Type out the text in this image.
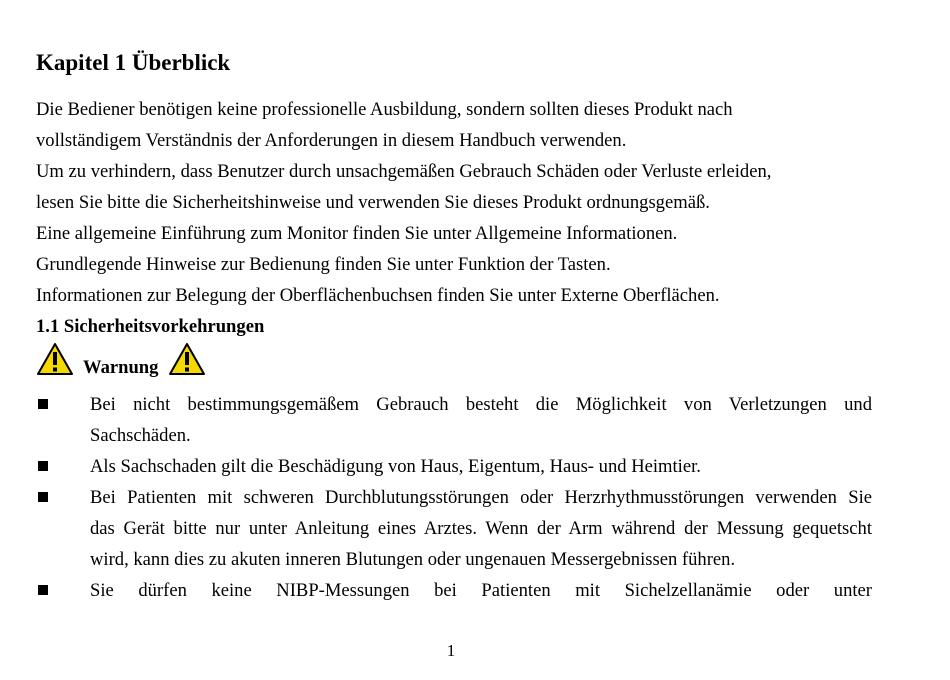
Kapitel 1 Überblick
Die Bediener benötigen keine professionelle Ausbildung, sondern sollten dieses Produkt nach
vollständigem Verständnis der Anforderungen in diesem Handbuch verwenden.
Um zu verhindern, dass Benutzer durch unsachgemäßen Gebrauch Schäden oder Verluste erleiden,
lesen Sie bitte die Sicherheitshinweise und verwenden Sie dieses Produkt ordnungsgemäß.
Eine allgemeine Einführung zum Monitor finden Sie unter Allgemeine Informationen.
Grundlegende Hinweise zur Bedienung finden Sie unter Funktion der Tasten.
Informationen zur Belegung der Oberflächenbuchsen finden Sie unter Externe Oberflächen.
1.1 Sicherheitsvorkehrungen
Warnung
Bei nicht bestimmungsgemäßem Gebrauch besteht die Möglichkeit von Verletzungen und
Sachschäden.
Als Sachschaden gilt die Beschädigung von Haus, Eigentum, Haus- und Heimtier.
Bei Patienten mit schweren Durchblutungsstörungen oder Herzrhythmusstörungen verwenden Sie
das Gerät bitte nur unter Anleitung eines Arztes. Wenn der Arm während der Messung gequetscht
wird, kann dies zu akuten inneren Blutungen oder ungenauen Messergebnissen führen.
Sie dürfen keine NIBP-Messungen bei Patienten mit Sichelzellanämie oder unter
1
